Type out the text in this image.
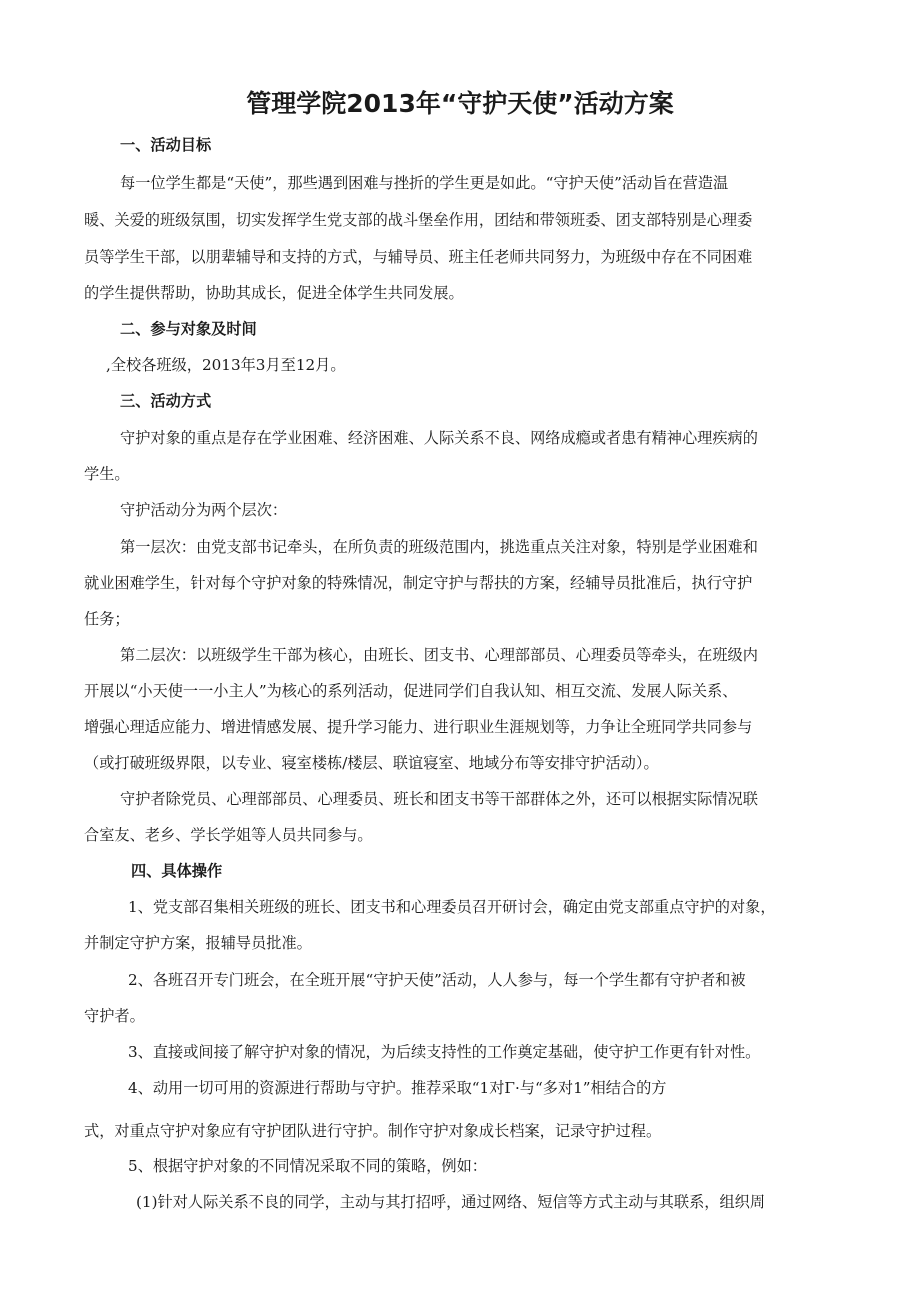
管理学院2013年“守护天使”活动方案
一、活动目标
每一位学生都是“天使”，那些遇到困难与挫折的学生更是如此。“守护天使”活动旨在营造温
暖、关爱的班级氛围，切实发挥学生党支部的战斗堡垒作用，团结和带领班委、团支部特别是心理委
员等学生干部，以朋辈辅导和支持的方式，与辅导员、班主任老师共同努力，为班级中存在不同困难
的学生提供帮助，协助其成长，促进全体学生共同发展。
二、参与对象及时间
,全校各班级，2013年3月至12月。
三、活动方式
守护对象的重点是存在学业困难、经济困难、人际关系不良、网络成瘾或者患有精神心理疾病的
学生。
守护活动分为两个层次：
第一层次：由党支部书记牵头，在所负责的班级范围内，挑选重点关注对象，特别是学业困难和
就业困难学生，针对每个守护对象的特殊情况，制定守护与帮扶的方案，经辅导员批准后，执行守护
任务；
第二层次：以班级学生干部为核心，由班长、团支书、心理部部员、心理委员等牵头，在班级内
开展以“小天使一一小主人”为核心的系列活动，促进同学们自我认知、相互交流、发展人际关系、
增强心理适应能力、增进情感发展、提升学习能力、进行职业生涯规划等，力争让全班同学共同参与
（或打破班级界限，以专业、寝室楼栋/楼层、联谊寝室、地域分布等安排守护活动）。
守护者除党员、心理部部员、心理委员、班长和团支书等干部群体之外，还可以根据实际情况联
合室友、老乡、学长学姐等人员共同参与。
四、具体操作
1、党支部召集相关班级的班长、团支书和心理委员召开研讨会，确定由党支部重点守护的对象，
并制定守护方案，报辅导员批准。
2、各班召开专门班会，在全班开展“守护天使”活动，人人参与，每一个学生都有守护者和被
守护者。
3、直接或间接了解守护对象的情况，为后续支持性的工作奠定基础，使守护工作更有针对性。
4、动用一切可用的资源进行帮助与守护。推荐采取“1对Γ·与“多对1”相结合的方
式，对重点守护对象应有守护团队进行守护。制作守护对象成长档案，记录守护过程。
5、根据守护对象的不同情况采取不同的策略，例如：
(1)针对人际关系不良的同学，主动与其打招呼，通过网络、短信等方式主动与其联系，组织周
